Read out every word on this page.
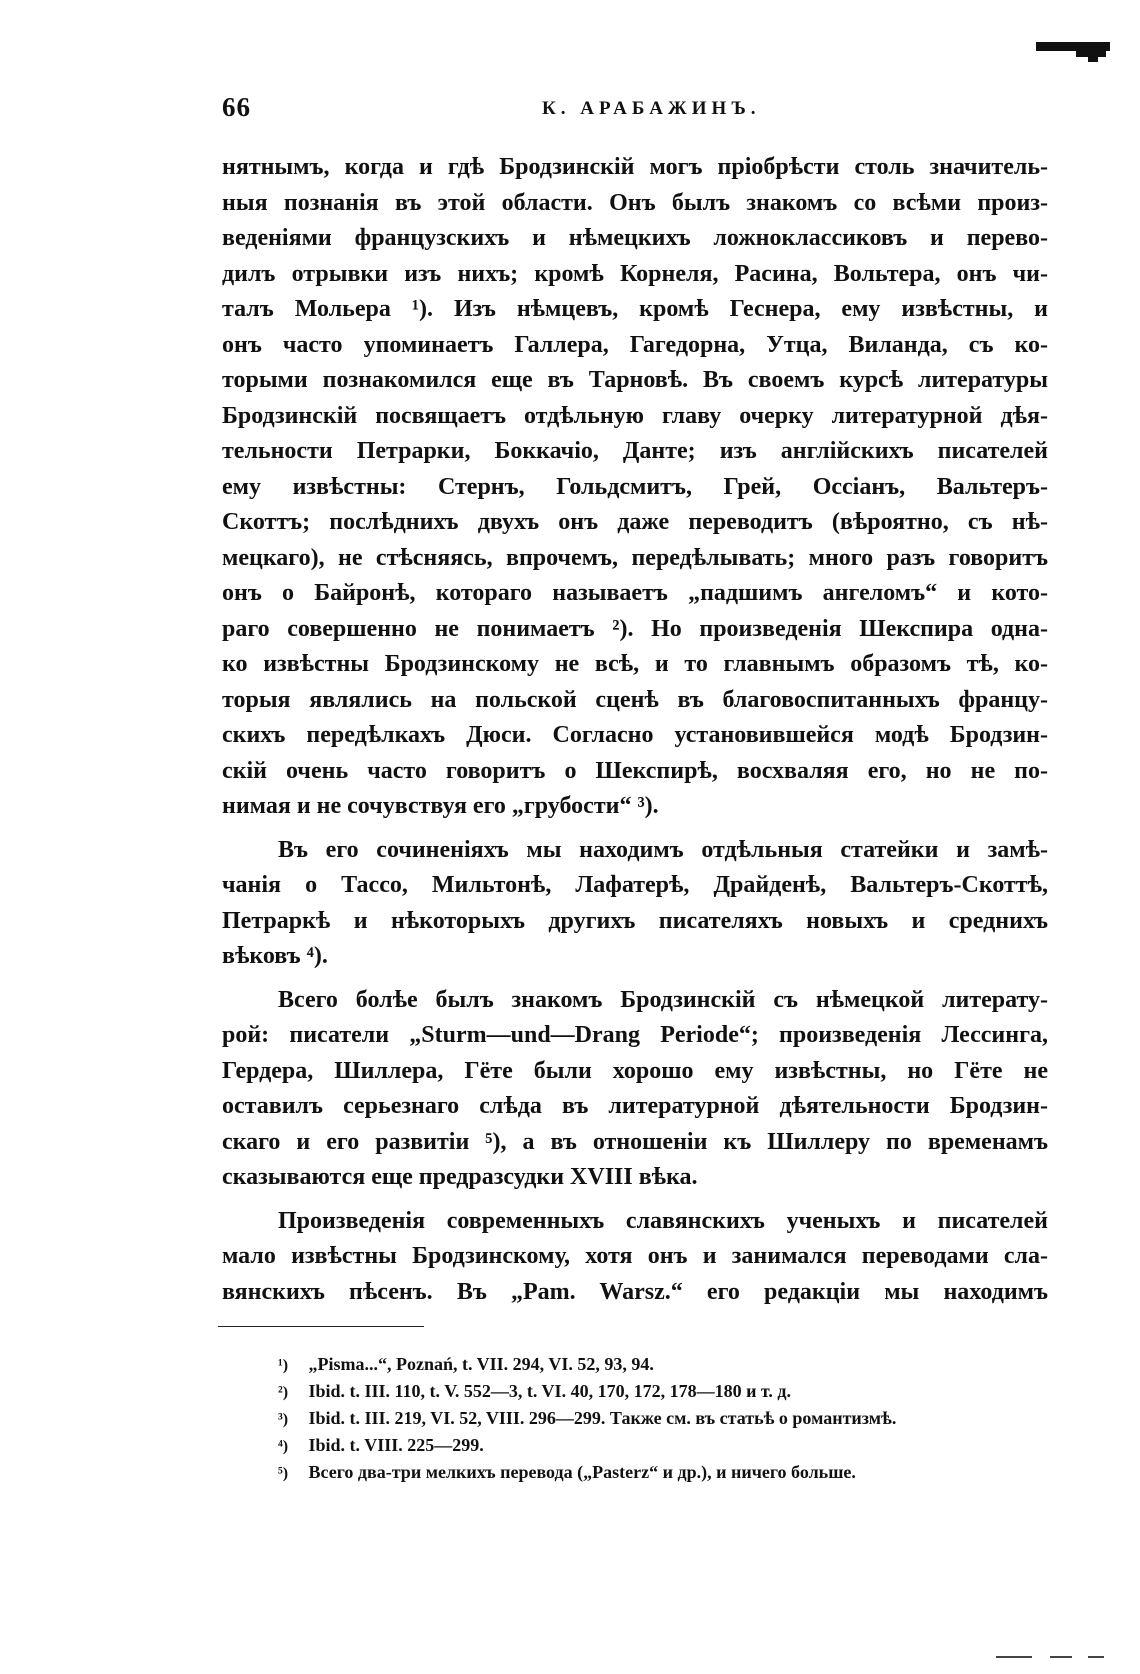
66	К. АРАБАЖИНЪ.
нятнымъ, когда и гдѣ Бродзинскій могъ пріобрѣсти столь значитель-
ныя познанія въ этой области. Онъ былъ знакомъ со всѣми произ-
веденіями французскихъ и нѣмецкихъ ложноклассиковъ и перево-
дилъ отрывки изъ нихъ; кромѣ Корнеля, Расина, Вольтера, онъ чи-
талъ Мольера ¹). Изъ нѣмцевъ, кромѣ Геснера, ему извѣстны, и
онъ часто упоминаетъ Галлера, Гагедорна, Утца, Виланда, съ ко-
торыми познакомился еще въ Тарновѣ. Въ своемъ курсѣ литературы
Бродзинскій посвящаетъ отдѣльную главу очерку литературной дѣя-
тельности Петрарки, Боккачіо, Данте; изъ англійскихъ писателей
ему извѣстны: Стернъ, Гольдсмитъ, Грей, Оссіанъ, Вальтеръ-
Скоттъ; послѣднихъ двухъ онъ даже переводитъ (вѣроятно, съ нѣ-
мецкаго), не стѣсняясь, впрочемъ, передѣлывать; много разъ говоритъ
онъ о Байронѣ, котораго называетъ „падшимъ ангеломъ“ и кото-
раго совершенно не понимаетъ ²). Но произведенія Шекспира одна-
ко извѣстны Бродзинскому не всѣ, и то главнымъ образомъ тѣ, ко-
торыя являлись на польской сценѣ въ благовоспитанныхъ францу-
скихъ передѣлкахъ Дюси. Согласно установившейся модѣ Бродзин-
скій очень часто говоритъ о Шекспирѣ, восхваляя его, но не по-
нимая и не сочувствуя его „грубости“ ³).
Въ его сочиненіяхъ мы находимъ отдѣльныя статейки и замѣ-
чанія о Тассо, Мильтонѣ, Лафатерѣ, Драйденѣ, Вальтеръ-Скоттѣ,
Петраркѣ и нѣкоторыхъ другихъ писателяхъ новыхъ и среднихъ
вѣковъ ⁴).
Всего болѣе былъ знакомъ Бродзинскій съ нѣмецкой литерату-
рой: писатели „Sturm—und—Drang Periode“; произведенія Лессинга,
Гердера, Шиллера, Гёте были хорошо ему извѣстны, но Гёте не
оставилъ серьезнаго слѣда въ литературной дѣятельности Бродзин-
скаго и его развитіи ⁵), а въ отношеніи къ Шиллеру по временамъ
сказываются еще предразсудки XVIII вѣка.
Произведенія современныхъ славянскихъ ученыхъ и писателей
мало извѣстны Бродзинскому, хотя онъ и занимался переводами сла-
вянскихъ пѣсенъ. Въ „Pam. Warsz.“ его редакціи мы находимъ
¹) „Pisma...“, Poznań, t. VII. 294, VI. 52, 93, 94.
²) Ibid. t. III. 110, t. V. 552—3, t. VI. 40, 170, 172, 178—180 и т. д.
³) Ibid. t. III. 219, VI. 52, VIII. 296—299. Также см. въ статьѣ о романтизмѣ.
⁴) Ibid. t. VIII. 225—299.
⁵) Всего два-три мелкихъ перевода („Pasterz“ и др.), и ничего больше.
